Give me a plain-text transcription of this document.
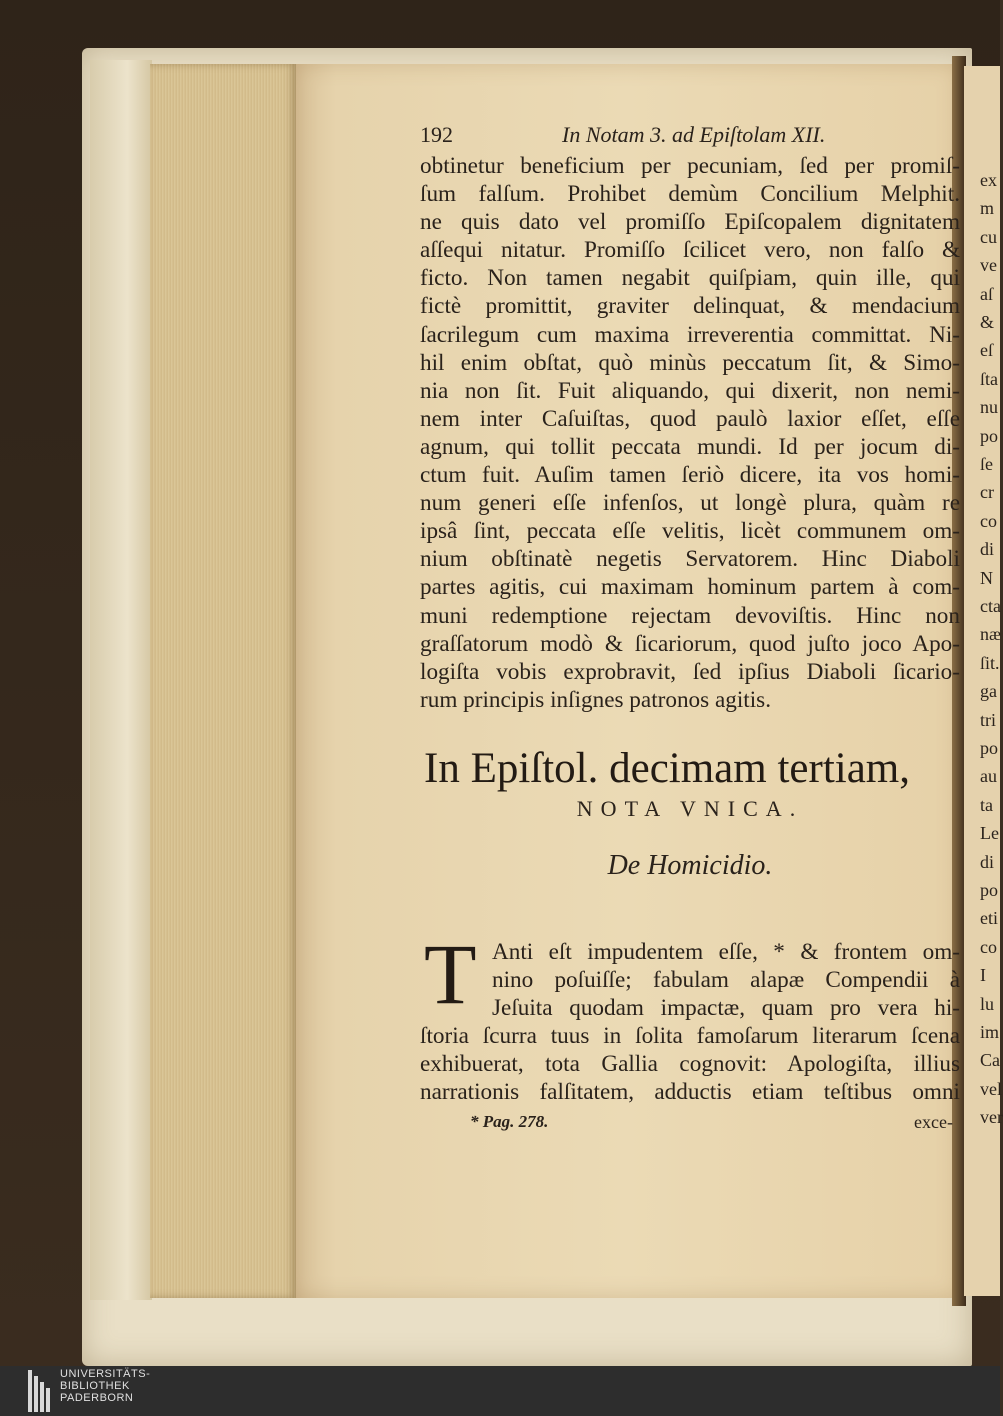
ex
m
cu
ve
aſ
&
eſ
ſta
nu
po
ſe
cr
co
di
N
cta
næ
ſit.
ga
tri
po
au
ta
Le
di
po
eti
co
I
lu
im
Ca
vel
ver
192	In Notam 3. ad Epiſtolam XII.
obtinetur beneficium per pecuniam, ſed per promiſ-
ſum falſum. Prohibet demùm Concilium Melphit.
ne quis dato vel promiſſo Epiſcopalem dignitatem
aſſequi nitatur. Promiſſo ſcilicet vero, non falſo &
ficto. Non tamen negabit quiſpiam, quin ille, qui
fictè promittit, graviter delinquat, & mendacium
ſacrilegum cum maxima irreverentia committat. Ni-
hil enim obſtat, quò minùs peccatum ſit, & Simo-
nia non ſit. Fuit aliquando, qui dixerit, non nemi-
nem inter Caſuiſtas, quod paulò laxior eſſet, eſſe
agnum, qui tollit peccata mundi. Id per jocum di-
ctum fuit. Auſim tamen ſeriò dicere, ita vos homi-
num generi eſſe infenſos, ut longè plura, quàm re
ipsâ ſint, peccata eſſe velitis, licèt communem om-
nium obſtinatè negetis Servatorem. Hinc Diaboli
partes agitis, cui maximam hominum partem à com-
muni redemptione rejectam devoviſtis. Hinc non
graſſatorum modò & ſicariorum, quod juſto joco Apo-
logiſta vobis exprobravit, ſed ipſius Diaboli ſicario-
rum principis inſignes patronos agitis.
In Epiſtol. decimam tertiam,
NOTA VNICA.
De Homicidio.
T Anti eſt impudentem eſſe, * & frontem om-
nino poſuiſſe; fabulam alapæ Compendii à
Jeſuita quodam impactæ, quam pro vera hi-
ſtoria ſcurra tuus in ſolita famoſarum literarum ſcena
exhibuerat, tota Gallia cognovit: Apologiſta, illius
narrationis falſitatem, adductis etiam teſtibus omni
* Pag. 278.	exce-
UNIVERSITÄTS-
BIBLIOTHEK
PADERBORN
